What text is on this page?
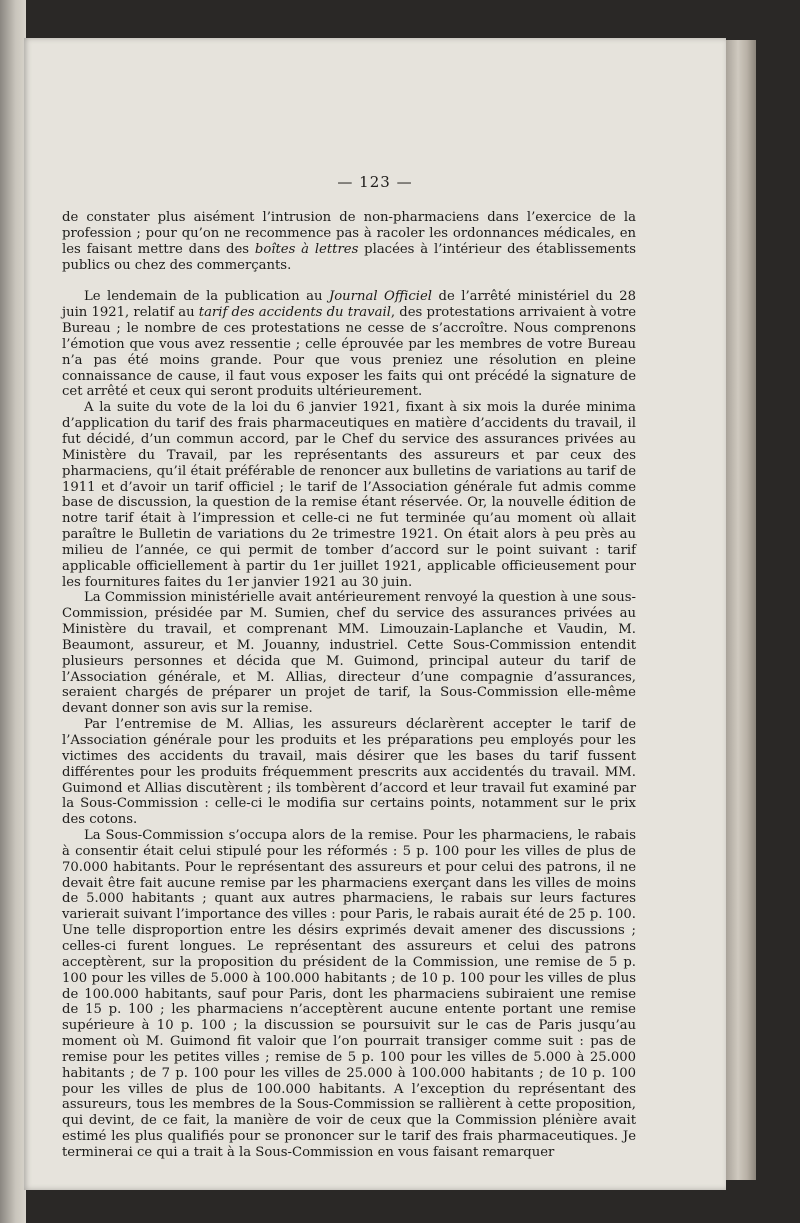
— 123 —

de constater plus aisément l’intrusion de non-pharmaciens dans l’exercice de la profession ; pour qu’on ne recommence pas à racoler les ordonnances médicales, en les faisant mettre dans des boîtes à lettres placées à l’intérieur des établissements publics ou chez des commerçants.

Le lendemain de la publication au Journal Officiel de l’arrêté ministériel du 28 juin 1921, relatif au tarif des accidents du travail, des protestations arrivaient à votre Bureau ; le nombre de ces protestations ne cesse de s’accroître. Nous comprenons l’émotion que vous avez ressentie ; celle éprouvée par les membres de votre Bureau n’a pas été moins grande. Pour que vous preniez une résolution en pleine connaissance de cause, il faut vous exposer les faits qui ont précédé la signature de cet arrêté et ceux qui seront produits ultérieurement.

A la suite du vote de la loi du 6 janvier 1921, fixant à six mois la durée minima d’application du tarif des frais pharmaceutiques en matière d’accidents du travail, il fut décidé, d’un commun accord, par le Chef du service des assurances privées au Ministère du Travail, par les représentants des assureurs et par ceux des pharmaciens, qu’il était préférable de renoncer aux bulletins de variations au tarif de 1911 et d’avoir un tarif officiel ; le tarif de l’Association générale fut admis comme base de discussion, la question de la remise étant réservée. Or, la nouvelle édition de notre tarif était à l’impression et celle-ci ne fut terminée qu’au moment où allait paraître le Bulletin de variations du 2e trimestre 1921. On était alors à peu près au milieu de l’année, ce qui permit de tomber d’accord sur le point suivant : tarif applicable officiellement à partir du 1er juillet 1921, applicable officieusement pour les fournitures faites du 1er janvier 1921 au 30 juin.

La Commission ministérielle avait antérieurement renvoyé la question à une sous-Commission, présidée par M. Sumien, chef du service des assurances privées au Ministère du travail, et comprenant MM. Limouzain-Laplanche et Vaudin, M. Beaumont, assureur, et M. Jouanny, industriel. Cette Sous-Commission entendit plusieurs personnes et décida que M. Guimond, principal auteur du tarif de l’Association générale, et M. Allias, directeur d’une compagnie d’assurances, seraient chargés de préparer un projet de tarif, la Sous-Commission elle-même devant donner son avis sur la remise.

Par l’entremise de M. Allias, les assureurs déclarèrent accepter le tarif de l’Association générale pour les produits et les préparations peu employés pour les victimes des accidents du travail, mais désirer que les bases du tarif fussent différentes pour les produits fréquemment prescrits aux accidentés du travail. MM. Guimond et Allias discutèrent ; ils tombèrent d’accord et leur travail fut examiné par la Sous-Commission : celle-ci le modifia sur certains points, notamment sur le prix des cotons.

La Sous-Commission s’occupa alors de la remise. Pour les pharmaciens, le rabais à consentir était celui stipulé pour les réformés : 5 p. 100 pour les villes de plus de 70.000 habitants. Pour le représentant des assureurs et pour celui des patrons, il ne devait être fait aucune remise par les pharmaciens exerçant dans les villes de moins de 5.000 habitants ; quant aux autres pharmaciens, le rabais sur leurs factures varierait suivant l’importance des villes : pour Paris, le rabais aurait été de 25 p. 100. Une telle disproportion entre les désirs exprimés devait amener des discussions ; celles-ci furent longues. Le représentant des assureurs et celui des patrons acceptèrent, sur la proposition du président de la Commission, une remise de 5 p. 100 pour les villes de 5.000 à 100.000 habitants ; de 10 p. 100 pour les villes de plus de 100.000 habitants, sauf pour Paris, dont les pharmaciens subiraient une remise de 15 p. 100 ; les pharmaciens n’acceptèrent aucune entente portant une remise supérieure à 10 p. 100 ; la discussion se poursuivit sur le cas de Paris jusqu’au moment où M. Guimond fit valoir que l’on pourrait transiger comme suit : pas de remise pour les petites villes ; remise de 5 p. 100 pour les villes de 5.000 à 25.000 habitants ; de 7 p. 100 pour les villes de 25.000 à 100.000 habitants ; de 10 p. 100 pour les villes de plus de 100.000 habitants. A l’exception du représentant des assureurs, tous les membres de la Sous-Commission se rallièrent à cette proposition, qui devint, de ce fait, la manière de voir de ceux que la Commission plénière avait estimé les plus qualifiés pour se prononcer sur le tarif des frais pharmaceutiques. Je terminerai ce qui a trait à la Sous-Commission en vous faisant remarquer
